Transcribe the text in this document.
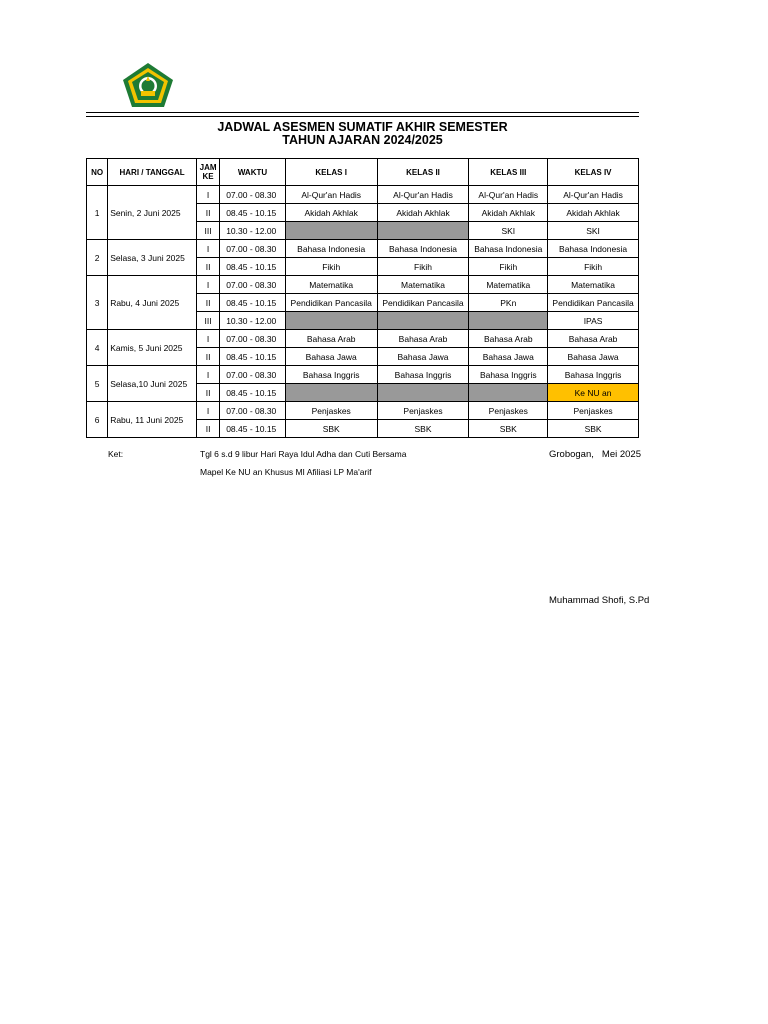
JADWAL ASESMEN SUMATIF AKHIR SEMESTER
TAHUN AJARAN 2024/2025
NO	HARI / TANGGAL	JAM
KE	WAKTU	KELAS I	KELAS II	KELAS III	KELAS IV
1	Senin, 2 Juni 2025	I	07.00 - 08.30	Al-Qur'an Hadis	Al-Qur'an Hadis	Al-Qur'an Hadis	Al-Qur'an Hadis
		II	08.45 - 10.15	Akidah Akhlak	Akidah Akhlak	Akidah Akhlak	Akidah Akhlak
		III	10.30 - 12.00			SKI	SKI
2	Selasa, 3 Juni 2025	I	07.00 - 08.30	Bahasa Indonesia	Bahasa Indonesia	Bahasa Indonesia	Bahasa Indonesia
		II	08.45 - 10.15	Fikih	Fikih	Fikih	Fikih
3	Rabu, 4 Juni 2025	I	07.00 - 08.30	Matematika	Matematika	Matematika	Matematika
		II	08.45 - 10.15	Pendidikan Pancasila	Pendidikan Pancasila	PKn	Pendidikan Pancasila
		III	10.30 - 12.00				IPAS
4	Kamis, 5 Juni 2025	I	07.00 - 08.30	Bahasa Arab	Bahasa Arab	Bahasa Arab	Bahasa Arab
		II	08.45 - 10.15	Bahasa Jawa	Bahasa Jawa	Bahasa Jawa	Bahasa Jawa
5	Selasa,10 Juni 2025	I	07.00 - 08.30	Bahasa Inggris	Bahasa Inggris	Bahasa Inggris	Bahasa Inggris
		II	08.45 - 10.15				Ke NU an
6	Rabu, 11 Juni 2025	I	07.00 - 08.30	Penjaskes	Penjaskes	Penjaskes	Penjaskes
		II	08.45 - 10.15	SBK	SBK	SBK	SBK
Ket:	Tgl 6 s.d 9 libur Hari Raya Idul Adha dan Cuti Bersama
Mapel Ke NU an Khusus MI Afiliasi LP Ma'arif
Grobogan, Mei 2025
Muhammad Shofi, S.Pd
